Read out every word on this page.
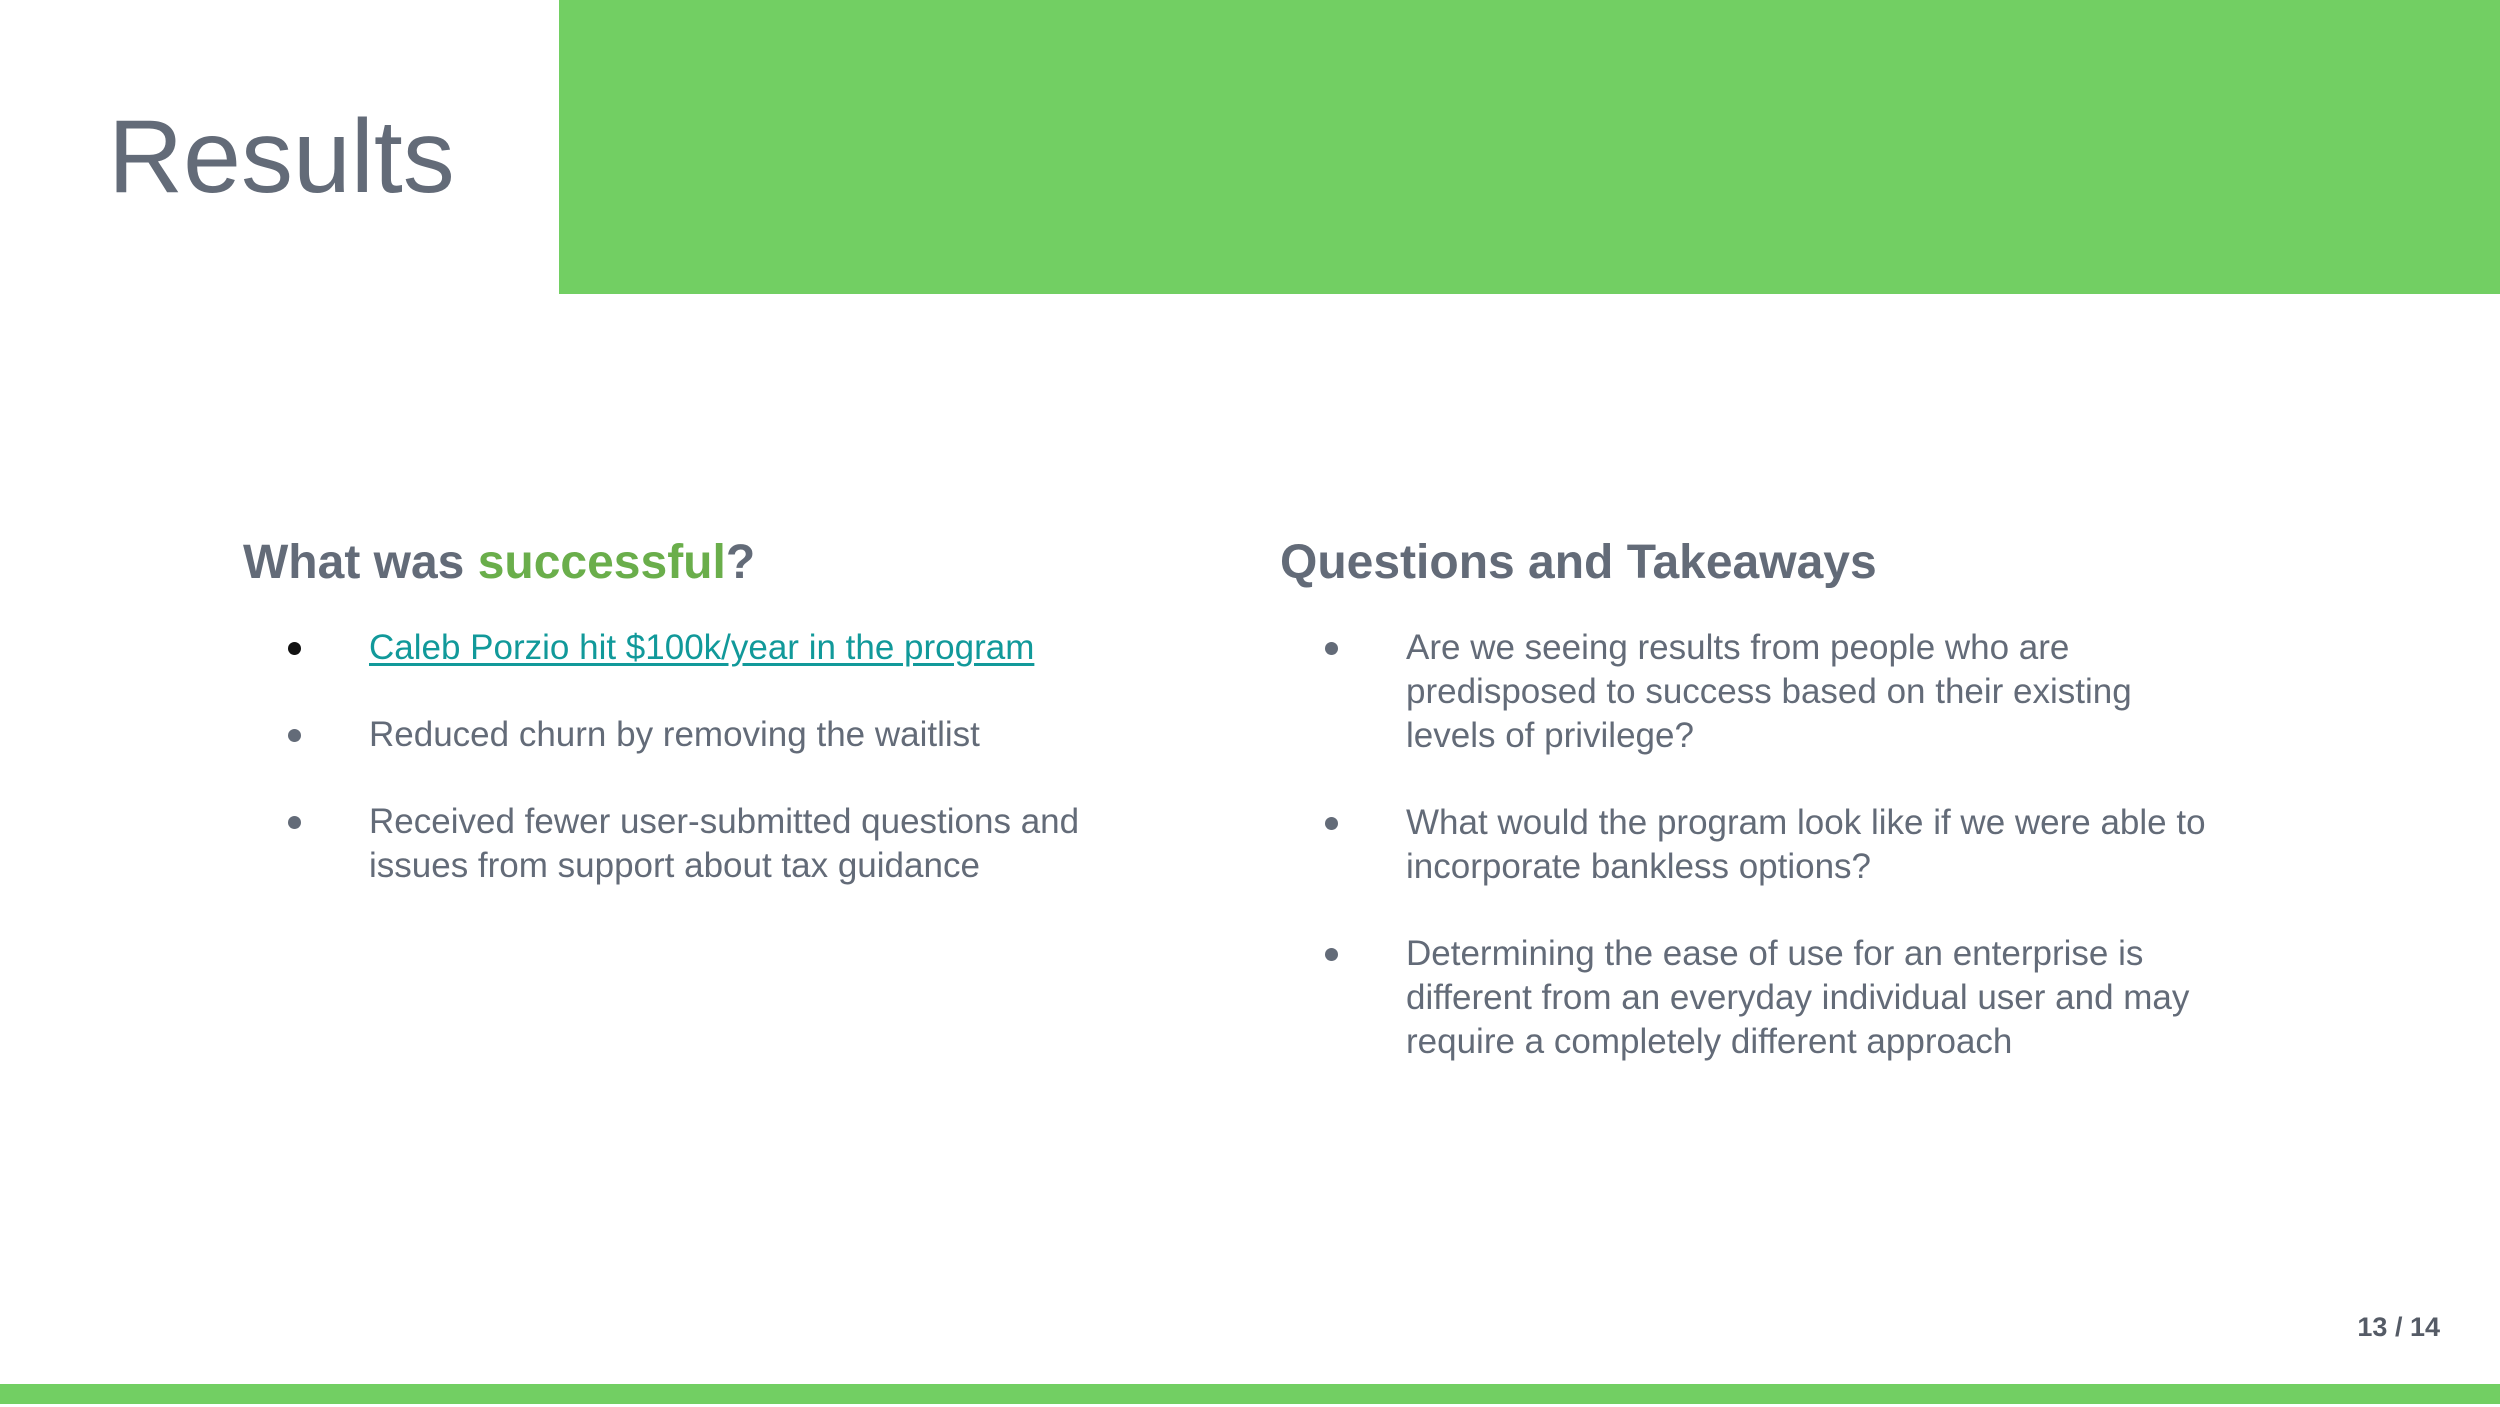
Results
What was successful?
Caleb Porzio hit $100k/year in the program
Reduced churn by removing the waitlist
Received fewer user-submitted questions and issues from support about tax guidance
Questions and Takeaways
Are we seeing results from people who are predisposed to success based on their existing levels of privilege?
What would the program look like if we were able to incorporate bankless options?
Determining the ease of use for an enterprise is different from an everyday individual user and may require a completely different approach
13 / 14
